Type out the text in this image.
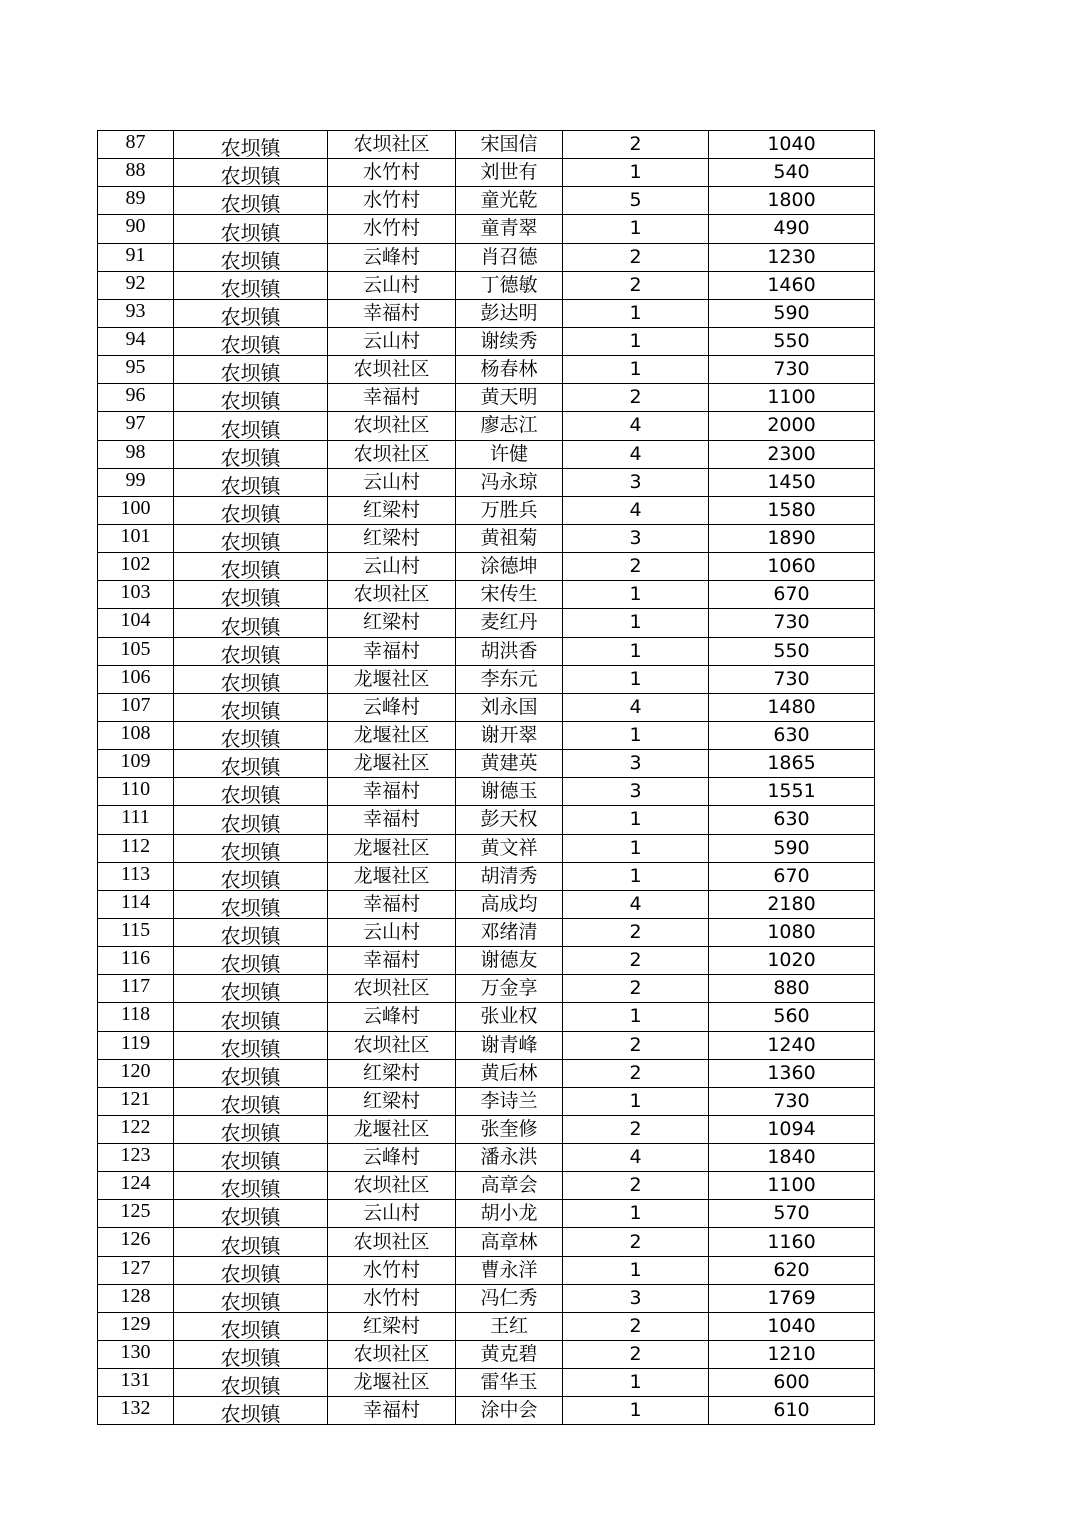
87	农坝镇	农坝社区	宋国信	2	1040
88	农坝镇	水竹村	刘世有	1	540
89	农坝镇	水竹村	童光乾	5	1800
90	农坝镇	水竹村	童青翠	1	490
91	农坝镇	云峰村	肖召德	2	1230
92	农坝镇	云山村	丁德敏	2	1460
93	农坝镇	幸福村	彭达明	1	590
94	农坝镇	云山村	谢续秀	1	550
95	农坝镇	农坝社区	杨春林	1	730
96	农坝镇	幸福村	黄天明	2	1100
97	农坝镇	农坝社区	廖志江	4	2000
98	农坝镇	农坝社区	许健	4	2300
99	农坝镇	云山村	冯永琼	3	1450
100	农坝镇	红梁村	万胜兵	4	1580
101	农坝镇	红梁村	黄祖菊	3	1890
102	农坝镇	云山村	涂德坤	2	1060
103	农坝镇	农坝社区	宋传生	1	670
104	农坝镇	红梁村	麦红丹	1	730
105	农坝镇	幸福村	胡洪香	1	550
106	农坝镇	龙堰社区	李东元	1	730
107	农坝镇	云峰村	刘永国	4	1480
108	农坝镇	龙堰社区	谢开翠	1	630
109	农坝镇	龙堰社区	黄建英	3	1865
110	农坝镇	幸福村	谢德玉	3	1551
111	农坝镇	幸福村	彭天权	1	630
112	农坝镇	龙堰社区	黄文祥	1	590
113	农坝镇	龙堰社区	胡清秀	1	670
114	农坝镇	幸福村	高成均	4	2180
115	农坝镇	云山村	邓绪清	2	1080
116	农坝镇	幸福村	谢德友	2	1020
117	农坝镇	农坝社区	万金享	2	880
118	农坝镇	云峰村	张业权	1	560
119	农坝镇	农坝社区	谢青峰	2	1240
120	农坝镇	红梁村	黄后林	2	1360
121	农坝镇	红梁村	李诗兰	1	730
122	农坝镇	龙堰社区	张奎修	2	1094
123	农坝镇	云峰村	潘永洪	4	1840
124	农坝镇	农坝社区	高章会	2	1100
125	农坝镇	云山村	胡小龙	1	570
126	农坝镇	农坝社区	高章林	2	1160
127	农坝镇	水竹村	曹永洋	1	620
128	农坝镇	水竹村	冯仁秀	3	1769
129	农坝镇	红梁村	王红	2	1040
130	农坝镇	农坝社区	黄克碧	2	1210
131	农坝镇	龙堰社区	雷华玉	1	600
132	农坝镇	幸福村	涂中会	1	610
